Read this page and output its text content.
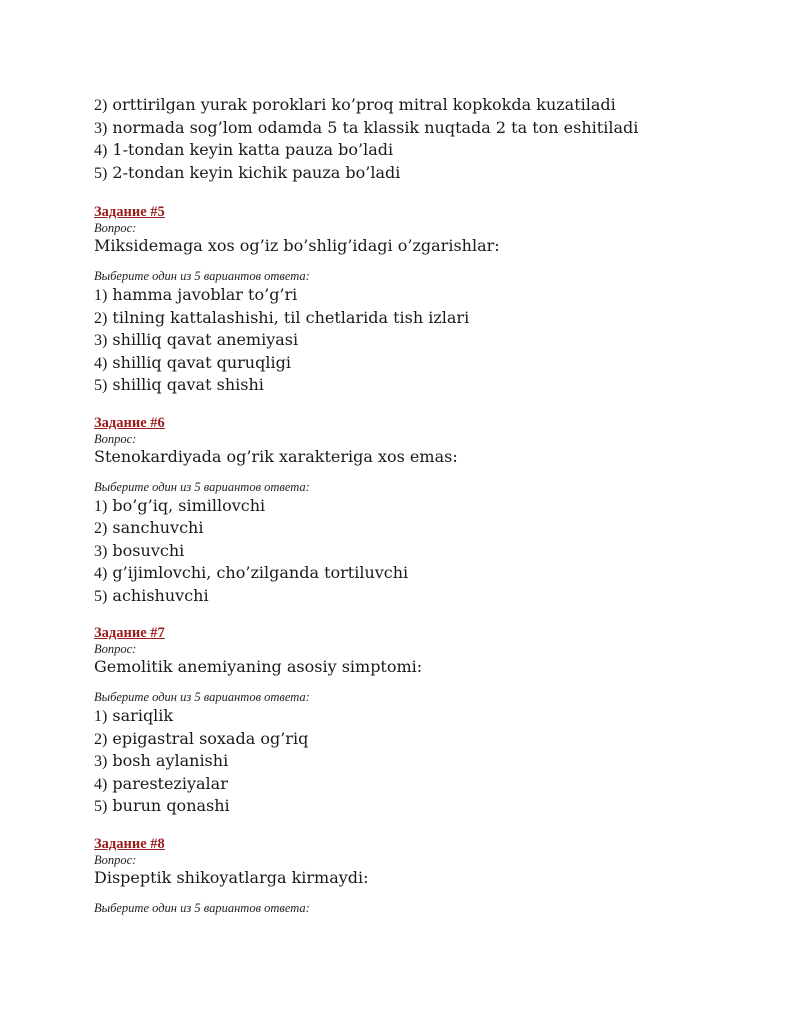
2) orttirilgan yurak poroklari ko’proq mitral kopkokda kuzatiladi
3) normada sog’lom odamda 5 ta klassik nuqtada 2 ta ton eshitiladi
4) 1-tondan keyin katta pauza bo’ladi
5) 2-tondan keyin kichik pauza bo’ladi
Задание #5
Вопрос:
Miksidemaga xos og’iz bo’shlig’idagi o’zgarishlar:
Выберите один из 5 вариантов ответа:
1) hamma javoblar to’g’ri
2) tilning kattalashishi, til chetlarida tish izlari
3) shilliq qavat anemiyasi
4) shilliq qavat quruqligi
5) shilliq qavat shishi
Задание #6
Вопрос:
Stenokardiyada og’rik xarakteriga xos emas:
Выберите один из 5 вариантов ответа:
1) bo’g’iq, simillovchi
2) sanchuvchi
3) bosuvchi
4) g’ijimlovchi, cho’zilganda tortiluvchi
5) achishuvchi
Задание #7
Вопрос:
Gemolitik anemiyaning asosiy simptomi:
Выберите один из 5 вариантов ответа:
1) sariqlik
2) epigastral soxada og’riq
3) bosh aylanishi
4) paresteziyalar
5) burun qonashi
Задание #8
Вопрос:
Dispeptik shikoyatlarga kirmaydi:
Выберите один из 5 вариантов ответа:
